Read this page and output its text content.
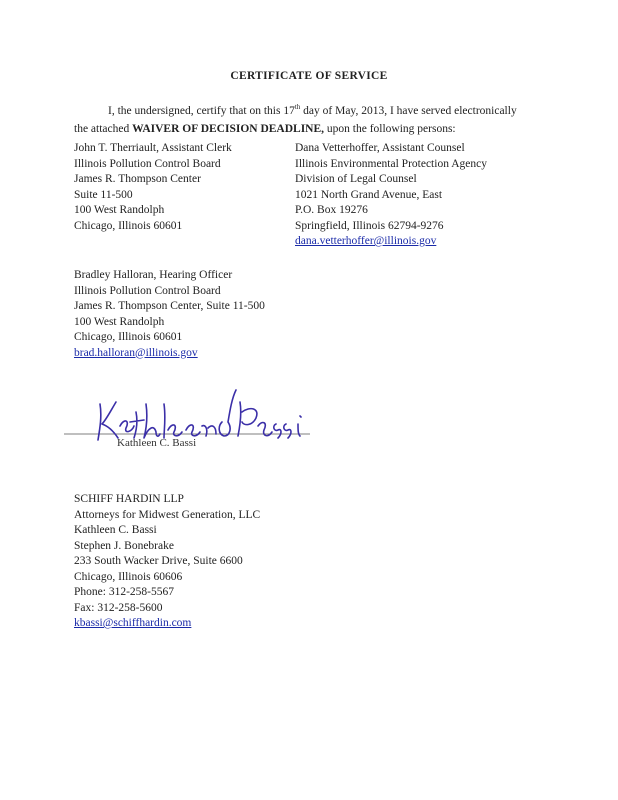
CERTIFICATE OF SERVICE
I, the undersigned, certify that on this 17th day of May, 2013, I have served electronically
the attached WAIVER OF DECISION DEADLINE, upon the following persons:
John T. Therriault, Assistant Clerk
Illinois Pollution Control Board
James R. Thompson Center
Suite 11-500
100 West Randolph
Chicago, Illinois 60601
Dana Vetterhoffer, Assistant Counsel
Illinois Environmental Protection Agency
Division of Legal Counsel
1021 North Grand Avenue, East
P.O. Box 19276
Springfield, Illinois 62794-9276
dana.vetterhoffer@illinois.gov
Bradley Halloran, Hearing Officer
Illinois Pollution Control Board
James R. Thompson Center, Suite 11-500
100 West Randolph
Chicago, Illinois 60601
brad.halloran@illinois.gov
Kathleen C. Bassi
SCHIFF HARDIN LLP
Attorneys for Midwest Generation, LLC
Kathleen C. Bassi
Stephen J. Bonebrake
233 South Wacker Drive, Suite 6600
Chicago, Illinois 60606
Phone: 312-258-5567
Fax: 312-258-5600
kbassi@schiffhardin.com
